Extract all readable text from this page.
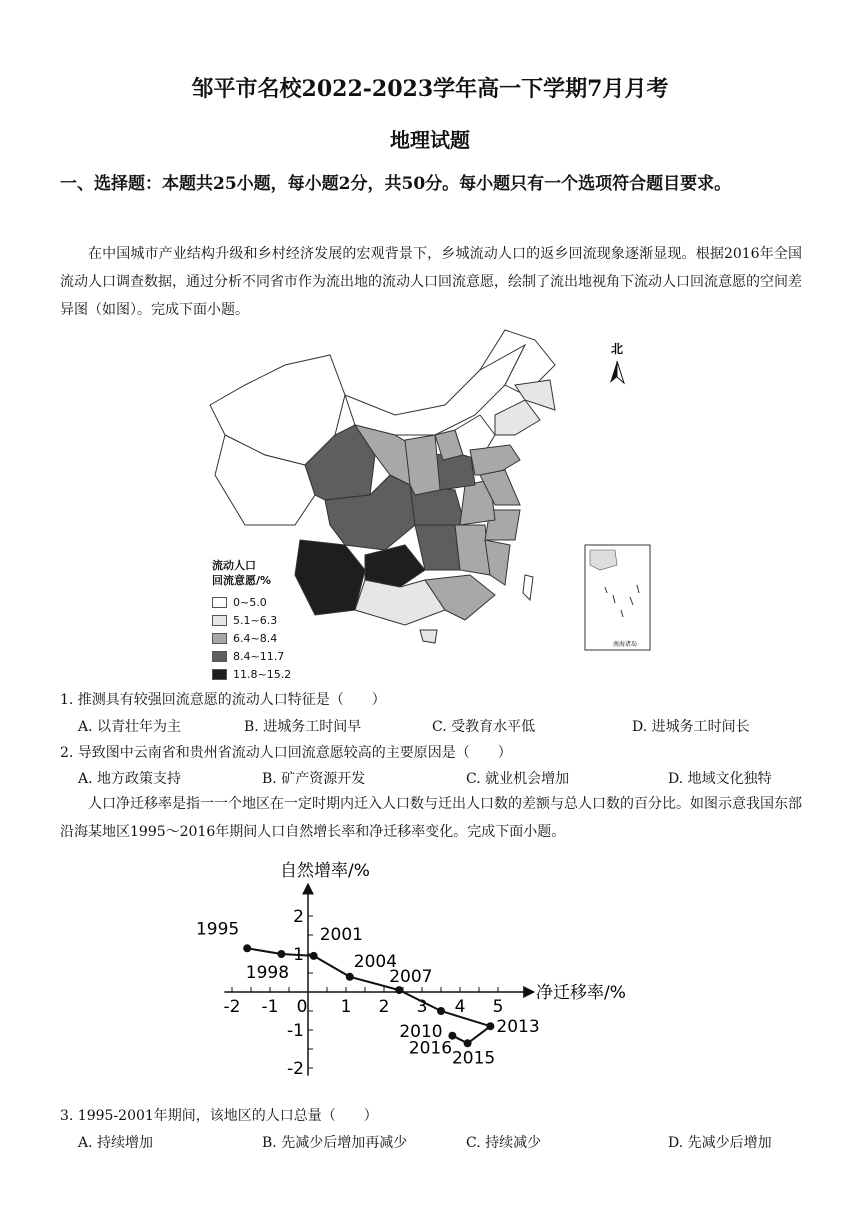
邹平市名校2022-2023学年高一下学期7月月考
地理试题
一、选择题：本题共25小题，每小题2分，共50分。每小题只有一个选项符合题目要求。
在中国城市产业结构升级和乡村经济发展的宏观背景下，乡城流动人口的返乡回流现象逐渐显现。根据2016年全国流动人口调查数据，通过分析不同省市作为流出地的流动人口回流意愿，绘制了流出地视角下流动人口回流意愿的空间差异图（如图）。完成下面小题。
北
南海诸岛
流动人口
回流意愿/%
0~5.0
5.1~6.3
6.4~8.4
8.4~11.7
11.8~15.2
1. 推测具有较强回流意愿的流动人口特征是（　　）
A. 以青壮年为主	B. 进城务工时间早	C. 受教育水平低	D. 进城务工时间长
2. 导致图中云南省和贵州省流动人口回流意愿较高的主要原因是（　　）
A. 地方政策支持	B. 矿产资源开发	C. 就业机会增加	D. 地域文化独特
人口净迁移率是指一一个地区在一定时期内迁入人口数与迁出人口数的差额与总人口数的百分比。如图示意我国东部沿海某地区1995～2016年期间人口自然增长率和净迁移率变化。完成下面小题。
净迁移率/%
自然增率/%
-2 -1 0 1 2 3 4 5
2
1
-1
-2
1995
1998
2001
2004
2007
2010	2013
2015
2016
3. 1995-2001年期间，该地区的人口总量（　　）
A. 持续增加	B. 先减少后增加再减少	C. 持续减少	D. 先减少后增加
